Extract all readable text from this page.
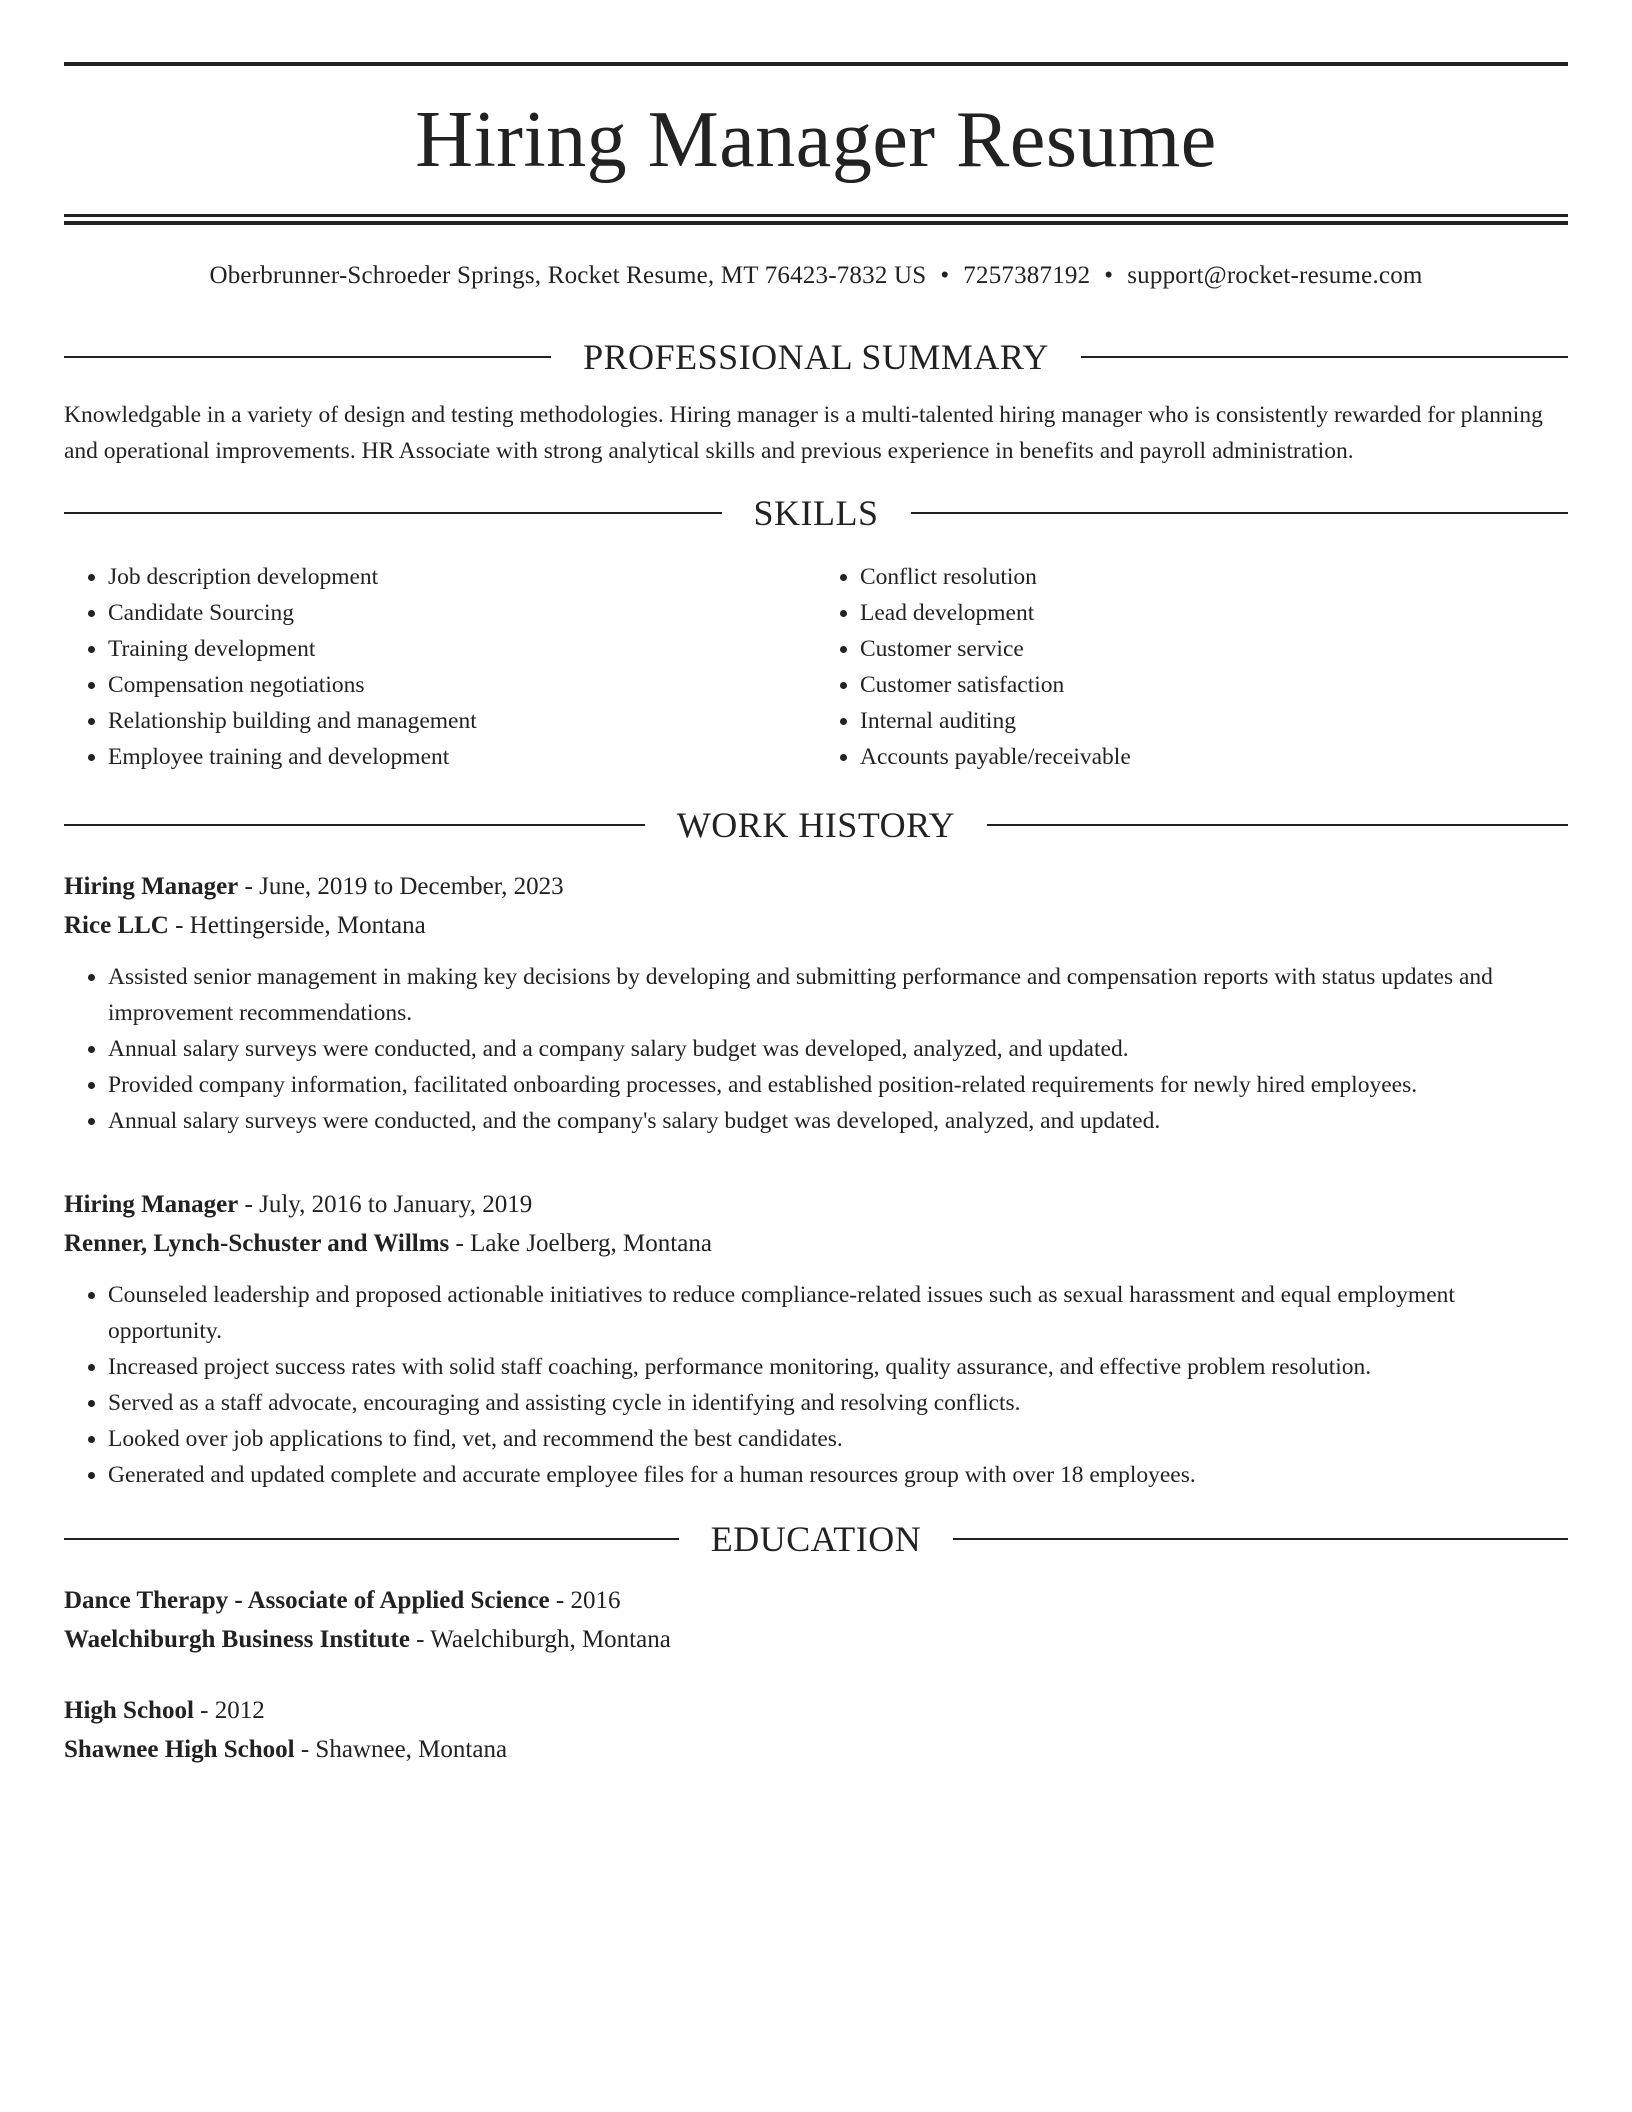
Hiring Manager Resume
Oberbrunner-Schroeder Springs, Rocket Resume, MT 76423-7832 US • 7257387192 • support@rocket-resume.com
PROFESSIONAL SUMMARY
Knowledgable in a variety of design and testing methodologies. Hiring manager is a multi-talented hiring manager who is consistently rewarded for planning and operational improvements. HR Associate with strong analytical skills and previous experience in benefits and payroll administration.
SKILLS
• Job description development
• Candidate Sourcing
• Training development
• Compensation negotiations
• Relationship building and management
• Employee training and development
• Conflict resolution
• Lead development
• Customer service
• Customer satisfaction
• Internal auditing
• Accounts payable/receivable
WORK HISTORY
Hiring Manager - June, 2019 to December, 2023
Rice LLC - Hettingerside, Montana
• Assisted senior management in making key decisions by developing and submitting performance and compensation reports with status updates and improvement recommendations.
• Annual salary surveys were conducted, and a company salary budget was developed, analyzed, and updated.
• Provided company information, facilitated onboarding processes, and established position-related requirements for newly hired employees.
• Annual salary surveys were conducted, and the company's salary budget was developed, analyzed, and updated.
Hiring Manager - July, 2016 to January, 2019
Renner, Lynch-Schuster and Willms - Lake Joelberg, Montana
• Counseled leadership and proposed actionable initiatives to reduce compliance-related issues such as sexual harassment and equal employment opportunity.
• Increased project success rates with solid staff coaching, performance monitoring, quality assurance, and effective problem resolution.
• Served as a staff advocate, encouraging and assisting cycle in identifying and resolving conflicts.
• Looked over job applications to find, vet, and recommend the best candidates.
• Generated and updated complete and accurate employee files for a human resources group with over 18 employees.
EDUCATION
Dance Therapy - Associate of Applied Science - 2016
Waelchiburgh Business Institute - Waelchiburgh, Montana
High School - 2012
Shawnee High School - Shawnee, Montana
